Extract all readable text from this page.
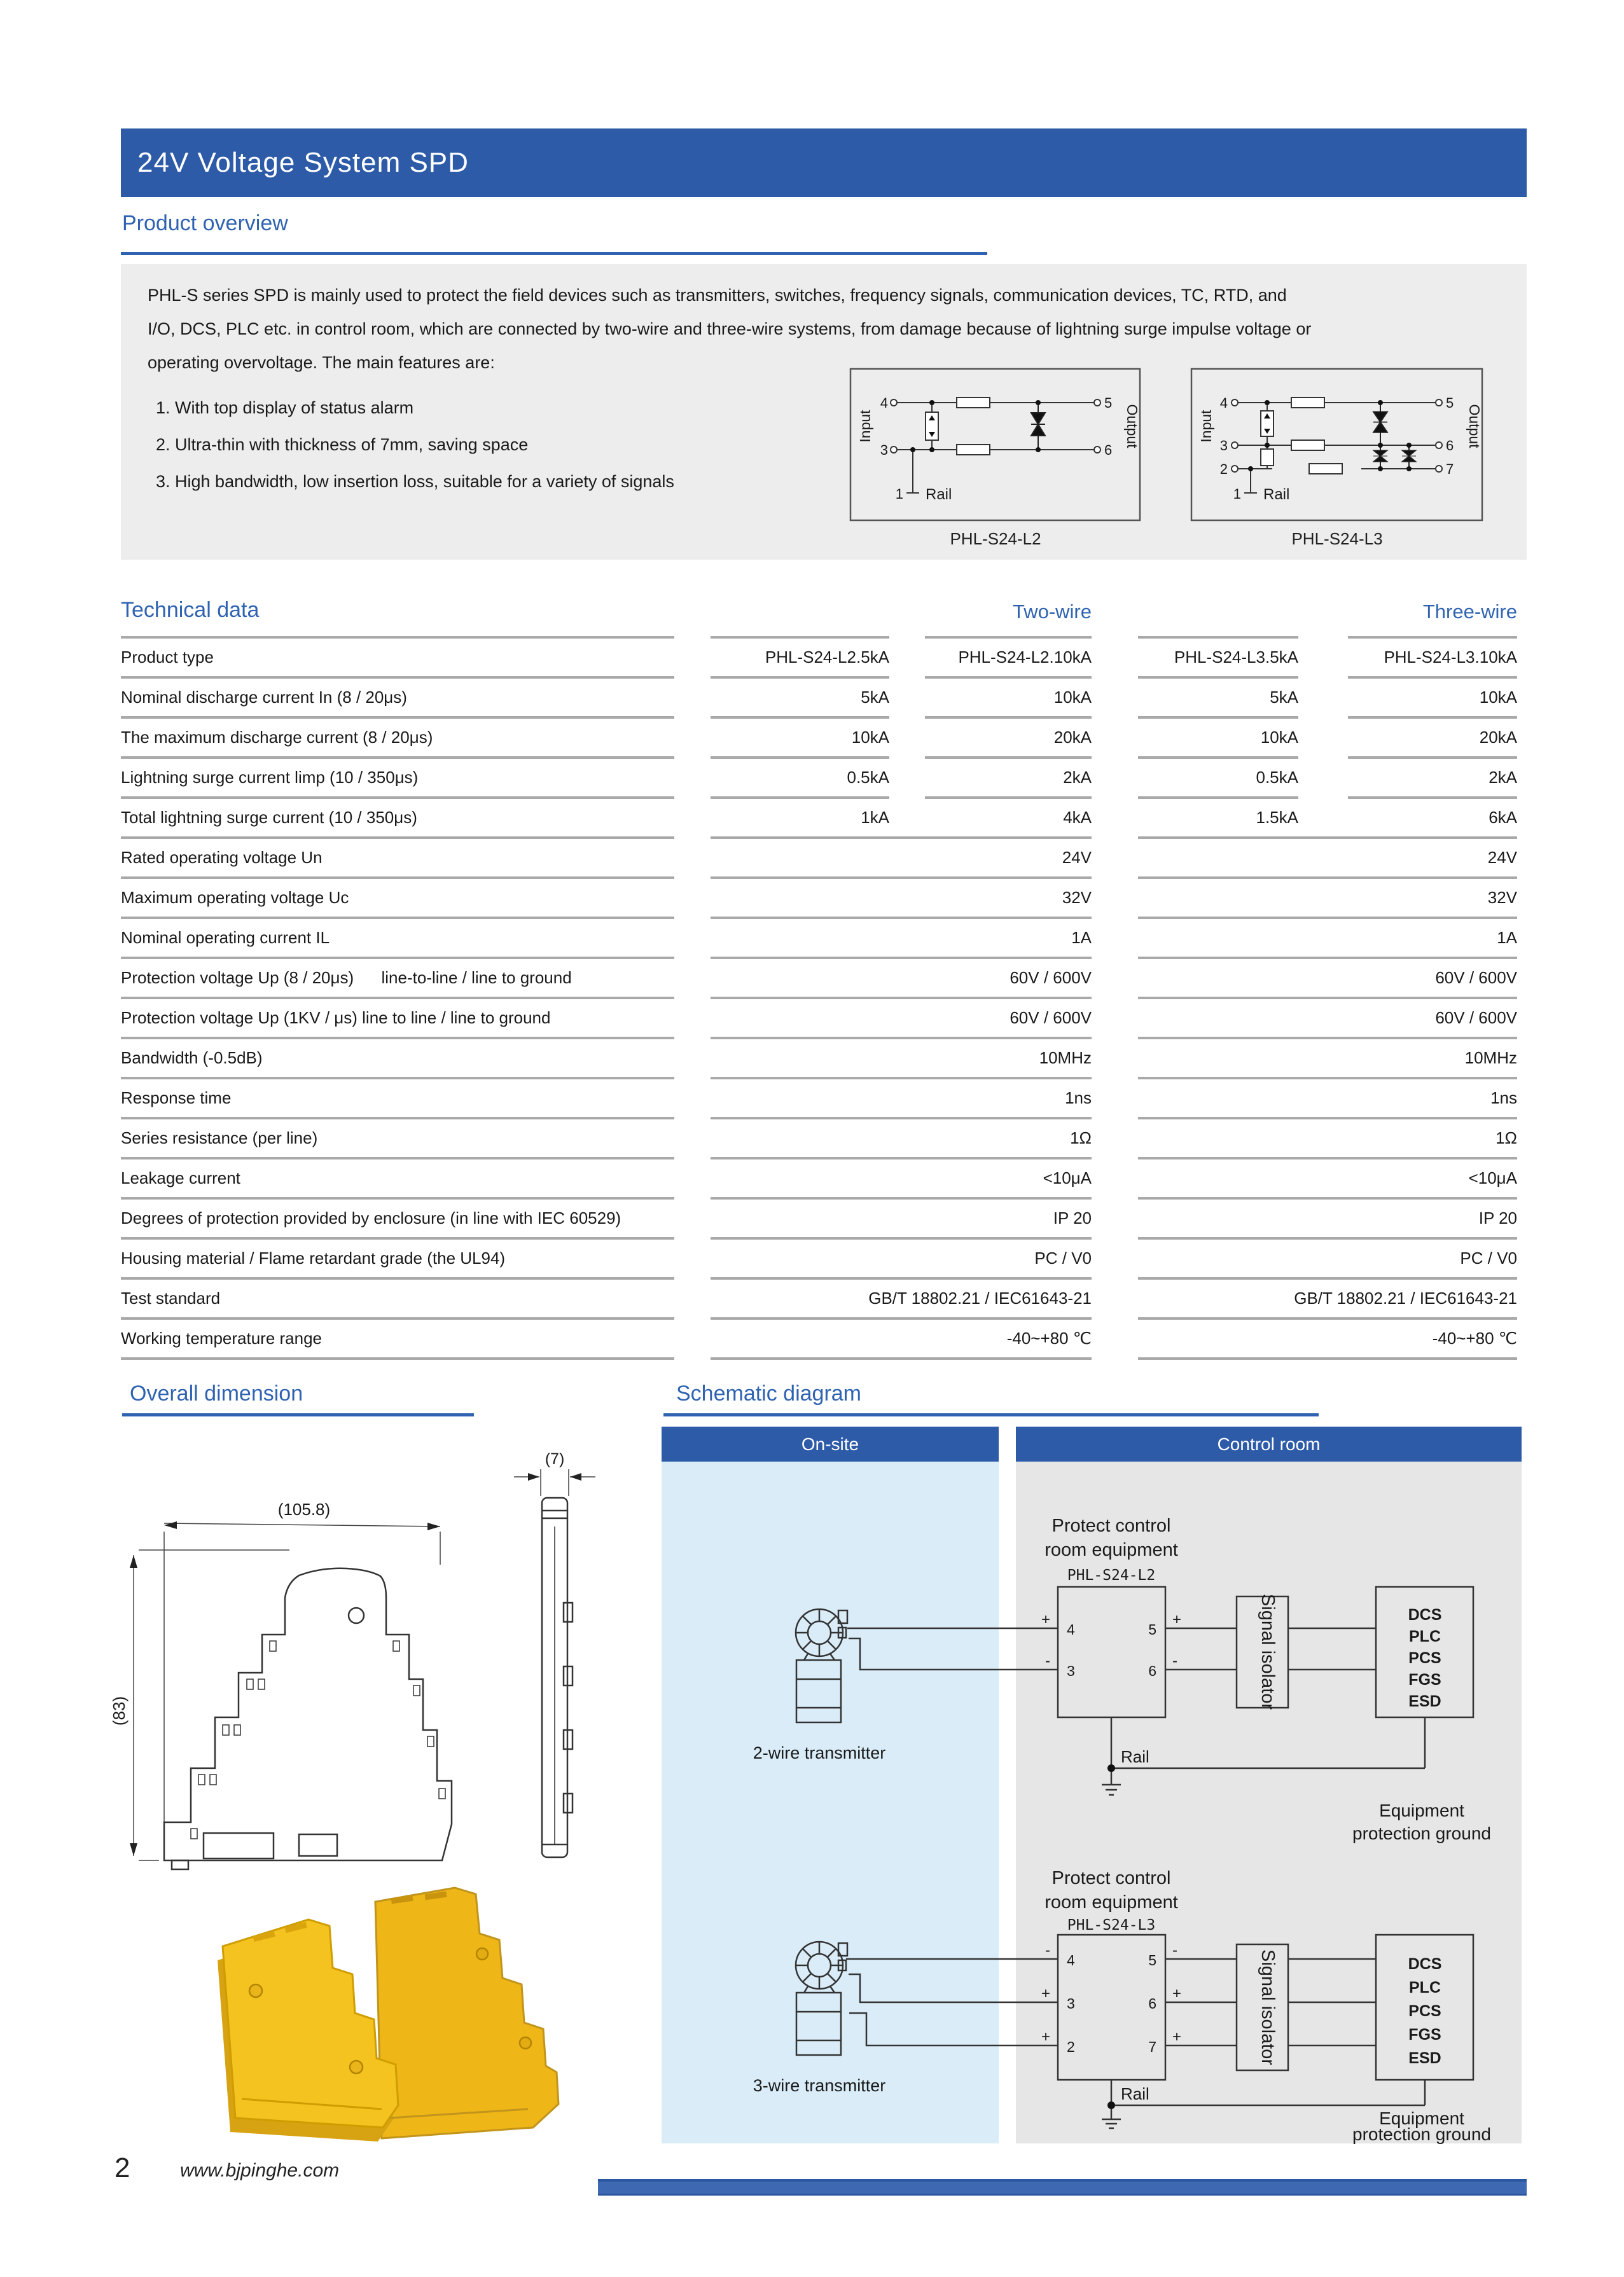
24V Voltage System SPD
Product overview
PHL-S series SPD is mainly used to protect the field devices such as transmitters, switches, frequency signals, communication devices, TC, RTD, and
I/O, DCS, PLC etc. in control room, which are connected by two-wire and three-wire systems, from damage because of lightning surge impulse voltage or
operating overvoltage. The main features are:
1. With top display of status alarm
2. Ultra-thin with thickness of 7mm, saving space
3. High bandwidth, low insertion loss, suitable for a variety of signals
PHL-S24-L2	PHL-S24-L3
Technical data	Two-wire	Three-wire
Product type	PHL-S24-L2.5kA	PHL-S24-L2.10kA	PHL-S24-L3.5kA	PHL-S24-L3.10kA
Nominal discharge current In (8 / 20μs)	5kA	10kA	5kA	10kA
The maximum discharge current (8 / 20μs)	10kA	20kA	10kA	20kA
Lightning surge current limp (10 / 350μs)	0.5kA	2kA	0.5kA	2kA
Total lightning surge current (10 / 350μs)	1kA	4kA	1.5kA	6kA
Rated operating voltage Un	24V	24V
Maximum operating voltage Uc	32V	32V
Nominal operating current IL	1A	1A
Protection voltage Up (8 / 20μs)      line-to-line / line to ground	60V / 600V	60V / 600V
Protection voltage Up (1KV / μs) line to line / line to ground	60V / 600V	60V / 600V
Bandwidth (-0.5dB)	10MHz	10MHz
Response time	1ns	1ns
Series resistance (per line)	1Ω	1Ω
Leakage current	<10μA	<10μA
Degrees of protection provided by enclosure (in line with IEC 60529)	IP 20	IP 20
Housing material / Flame retardant grade (the UL94)	PC / V0	PC / V0
Test standard	GB/T 18802.21 / IEC61643-21	GB/T 18802.21 / IEC61643-21
Working temperature range	-40~+80 ℃	-40~+80 ℃
Overall dimension	Schematic diagram
On-site	Control room
2	www.bjpinghe.com
Input	Output
4
3
5
6
1 Rail
Input	Output
4
3
2
5
6
7
1 Rail
(105.8)
(83)
(7)
Protect control
room equipment
PHL-S24-L2
4
+
3
-
5
+
6
-	Signal isolator	DCS
PLC
PCS
FGS
ESD
Rail
Equipment
protection ground
2-wire transmitter
Protect control
room equipment
PHL-S24-L3
4
-
3
+
2
+
5
-
6
+
7
+	Signal isolator	DCS
PLC
PCS
FGS
ESD
Rail
Equipment
protection ground
3-wire transmitter
